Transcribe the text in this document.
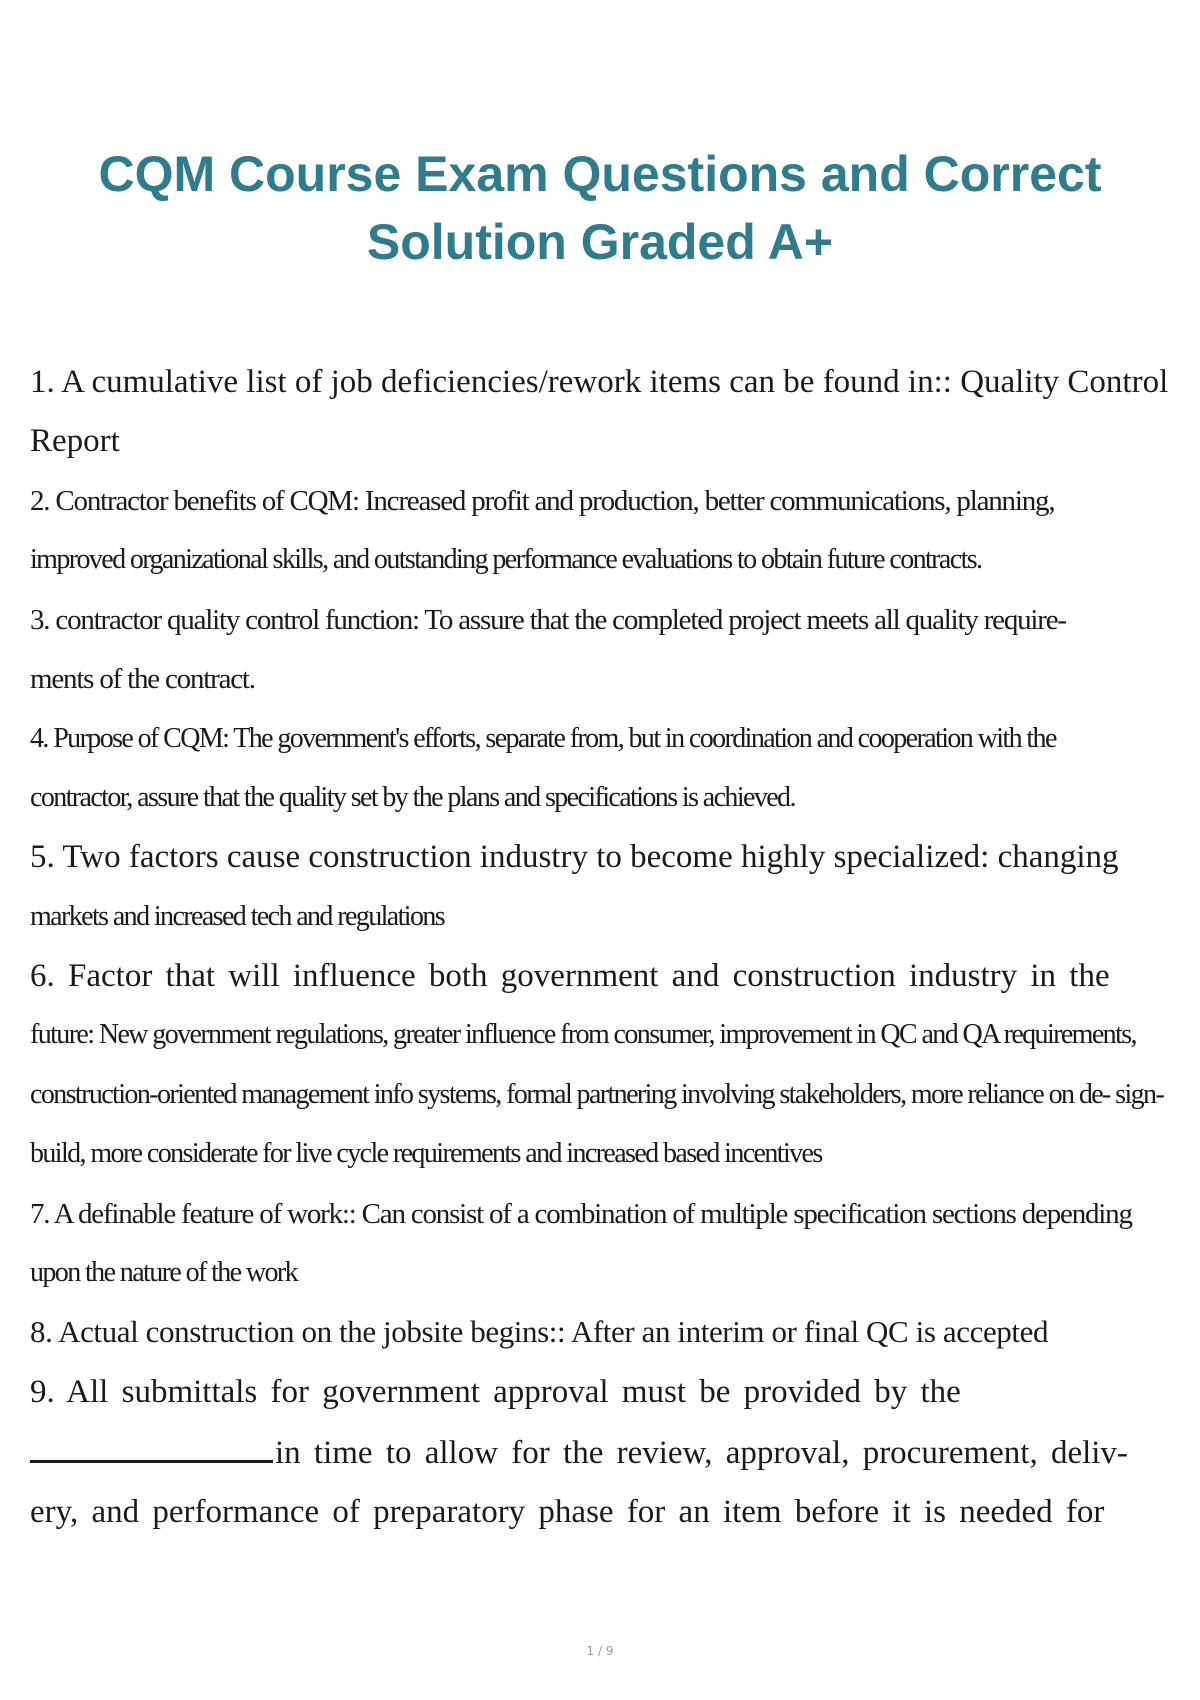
CQM Course Exam Questions and Correct
Solution Graded A+
1. A cumulative list of job deficiencies/rework items can be found in:: Quality Control
Report
2. Contractor benefits of CQM: Increased profit and production, better communications, planning,
improved organizational skills, and outstanding performance evaluations to obtain future contracts.
3. contractor quality control function: To assure that the completed project meets all quality require-
ments of the contract.
4. Purpose of CQM: The government's efforts, separate from, but in coordination and cooperation with the
contractor, assure that the quality set by the plans and specifications is achieved.
5. Two factors cause construction industry to become highly specialized: changing
markets and increased tech and regulations
6. Factor that will influence both government and construction industry in the
future: New government regulations, greater influence from consumer, improvement in QC and QA requirements,
construction-oriented management info systems, formal partnering involving stakeholders, more reliance on de- sign-
build, more considerate for live cycle requirements and increased based incentives
7. A definable feature of work:: Can consist of a combination of multiple specification sections depending
upon the nature of the work
8. Actual construction on the jobsite begins:: After an interim or final QC is accepted
9. All submittals for government approval must be provided by the
in time to allow for the review, approval, procurement, deliv-
ery, and performance of preparatory phase for an item before it is needed for
1 / 9
